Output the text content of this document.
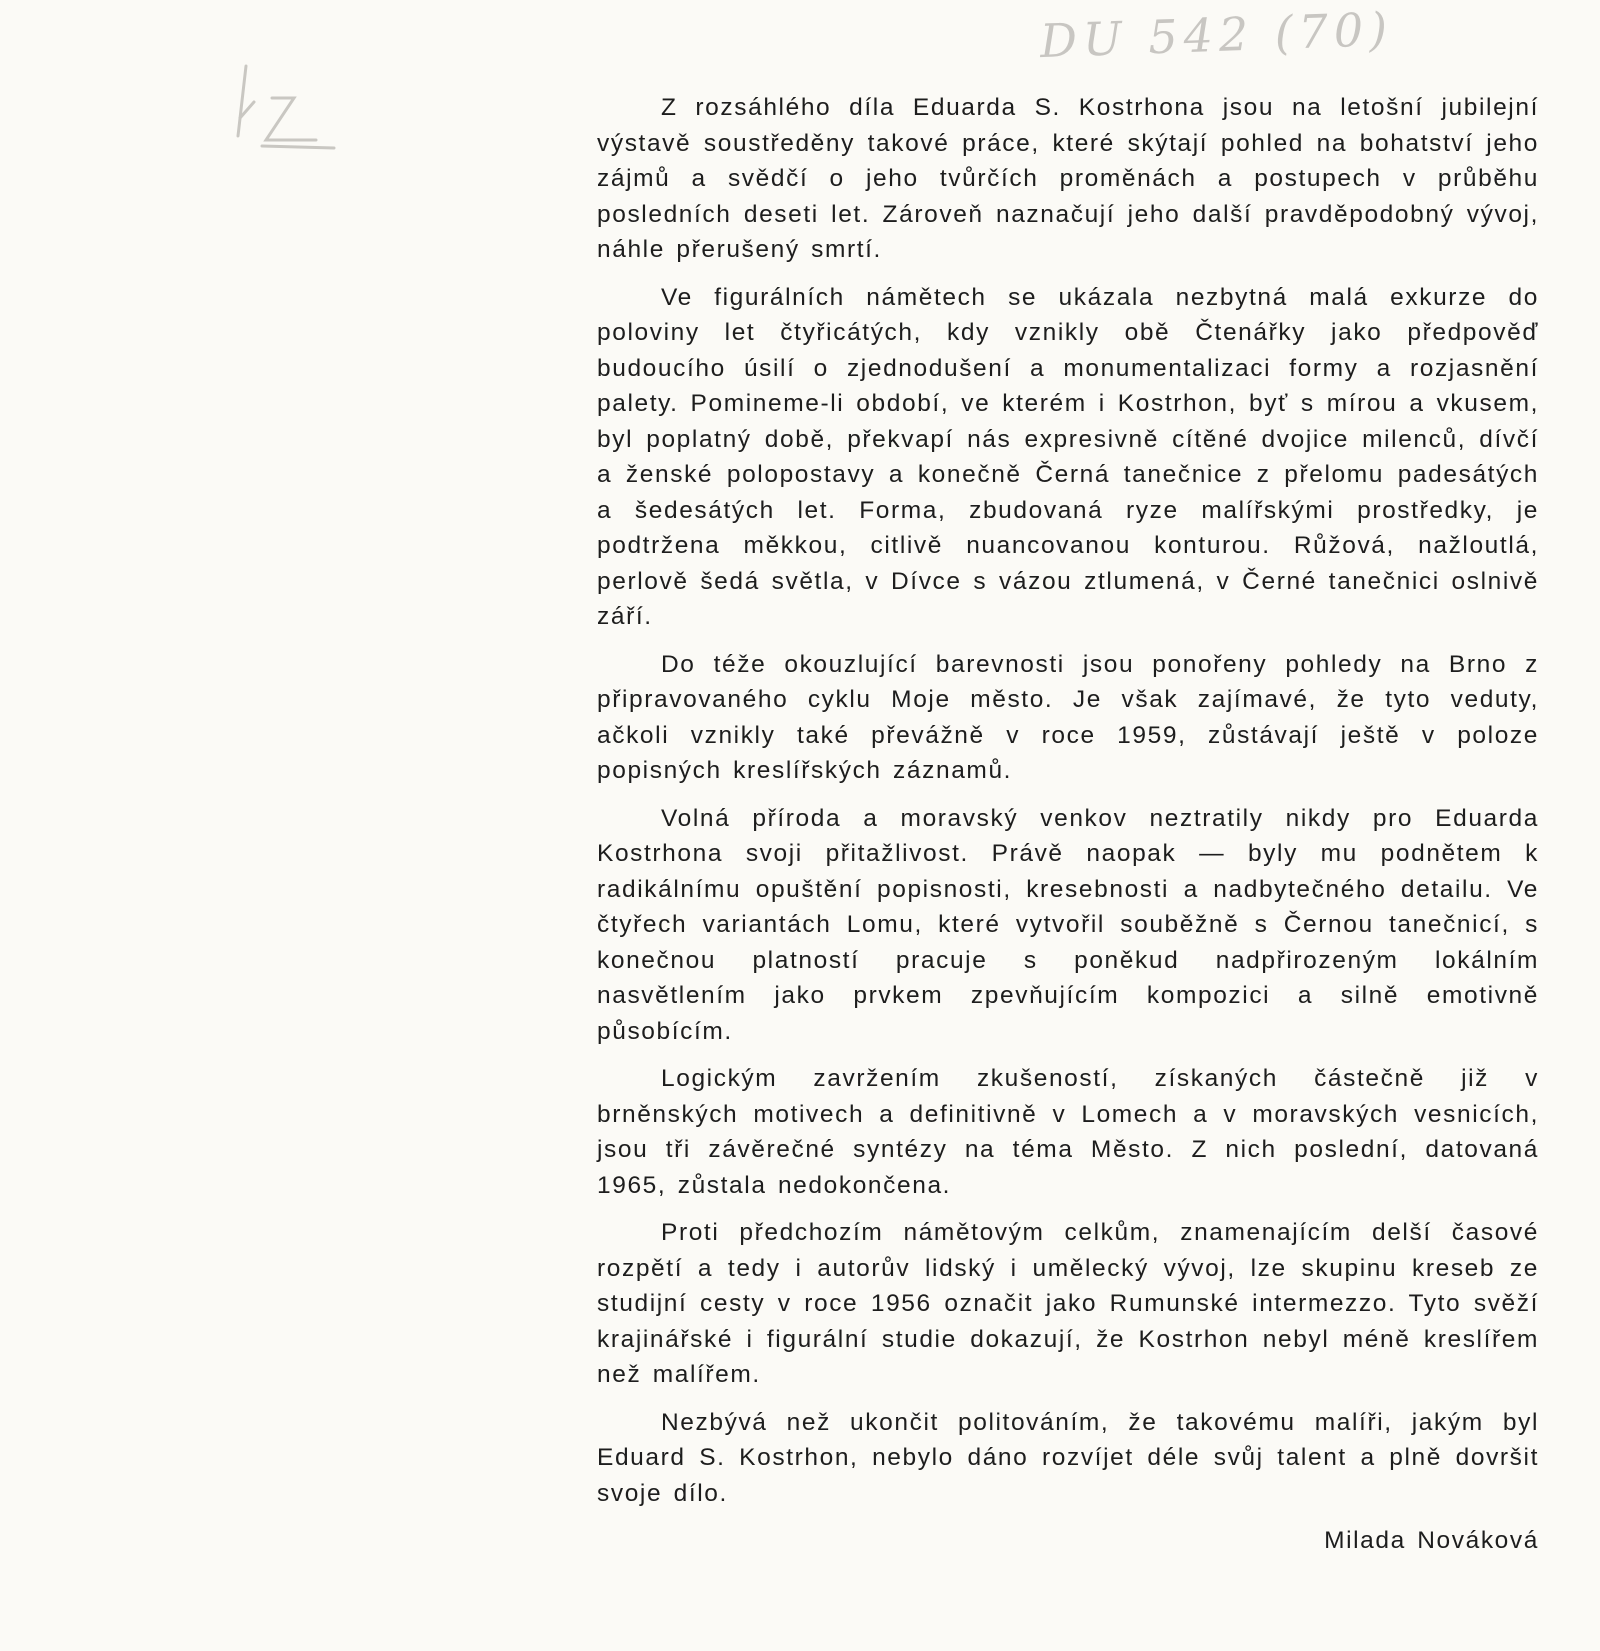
DU 542 (70)

Z rozsáhlého díla Eduarda S. Kostrhona jsou na letošní jubilejní výstavě soustředěny takové práce, které skýtají pohled na bohatství jeho zájmů a svědčí o jeho tvůrčích proměnách a postupech v průběhu posledních deseti let. Zároveň naznačují jeho další pravděpodobný vývoj, náhle přerušený smrtí.

Ve figurálních námětech se ukázala nezbytná malá exkurze do poloviny let čtyřicátých, kdy vznikly obě Čtenářky jako předpověď budoucího úsilí o zjednodušení a monumentalizaci formy a rozjasnění palety. Pomineme-li období, ve kterém i Kostrhon, byť s mírou a vkusem, byl poplatný době, překvapí nás expresivně cítěné dvojice milenců, dívčí a ženské polopostavy a konečně Černá tanečnice z přelomu padesátých a šedesátých let. Forma, zbudovaná ryze malířskými prostředky, je podtržena měkkou, citlivě nuancovanou konturou. Růžová, nažloutlá, perlově šedá světla, v Dívce s vázou ztlumená, v Černé tanečnici oslnivě září.

Do téže okouzlující barevnosti jsou ponořeny pohledy na Brno z připravovaného cyklu Moje město. Je však zajímavé, že tyto veduty, ačkoli vznikly také převážně v roce 1959, zůstávají ještě v poloze popisných kreslířských záznamů.

Volná příroda a moravský venkov neztratily nikdy pro Eduarda Kostrhona svoji přitažlivost. Právě naopak — byly mu podnětem k radikálnímu opuštění popisnosti, kresebnosti a nadbytečného detailu. Ve čtyřech variantách Lomu, které vytvořil souběžně s Černou tanečnicí, s konečnou platností pracuje s poněkud nadpřirozeným lokálním nasvětlením jako prvkem zpevňujícím kompozici a silně emotivně působícím.

Logickým zavržením zkušeností, získaných částečně již v brněnských motivech a definitivně v Lomech a v moravských vesnicích, jsou tři závěrečné syntézy na téma Město. Z nich poslední, datovaná 1965, zůstala nedokončena.

Proti předchozím námětovým celkům, znamenajícím delší časové rozpětí a tedy i autorův lidský i umělecký vývoj, lze skupinu kreseb ze studijní cesty v roce 1956 označit jako Rumunské intermezzo. Tyto svěží krajinářské i figurální studie dokazují, že Kostrhon nebyl méně kreslířem než malířem.

Nezbývá než ukončit politováním, že takovému malíři, jakým byl Eduard S. Kostrhon, nebylo dáno rozvíjet déle svůj talent a plně dovršit svoje dílo.

Milada Nováková
